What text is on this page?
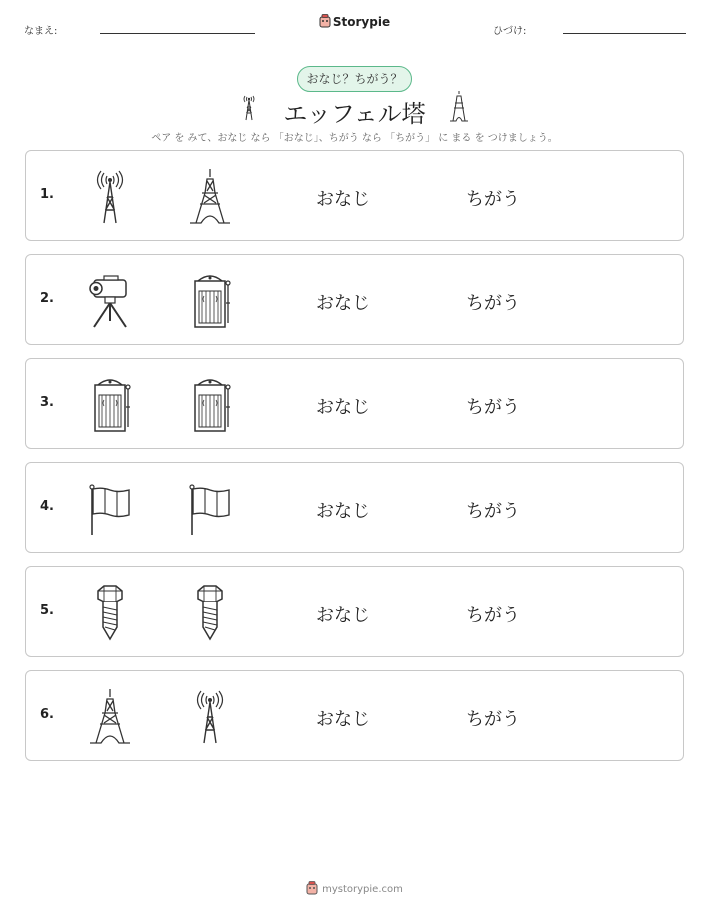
なまえ:
Storypie
ひづけ:
おなじ？ちがう？
エッフェル塔
ペア を みて、おなじ なら 「おなじ」、ちがう なら 「ちがう」 に まる を つけましょう。
1.	おなじ	ちがう
2.	おなじ	ちがう
3.	おなじ	ちがう
4.	おなじ	ちがう
5.	おなじ	ちがう
6.	おなじ	ちがう
mystorypie.com
